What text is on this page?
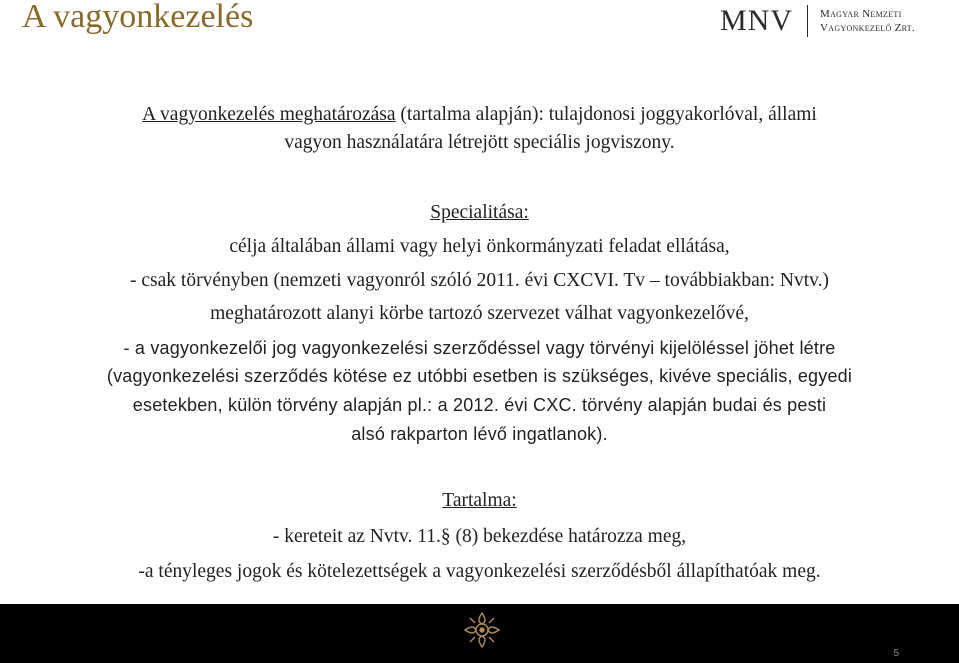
A vagyonkezelés	MNV Magyar Nemzeti
Vagyonkezelő Zrt.
A vagyonkezelés meghatározása (tartalma alapján): tulajdonosi joggyakorlóval, állami
vagyon használatára létrejött speciális jogviszony.
Specialitása:
célja általában állami vagy helyi önkormányzati feladat ellátása,
- csak törvényben (nemzeti vagyonról szóló 2011. évi CXCVI. Tv – továbbiakban: Nvtv.)
meghatározott alanyi körbe tartozó szervezet válhat vagyonkezelővé,
- a vagyonkezelői jog vagyonkezelési szerződéssel vagy törvényi kijelöléssel jöhet létre
(vagyonkezelési szerződés kötése ez utóbbi esetben is szükséges, kivéve speciális, egyedi
esetekben, külön törvény alapján pl.: a 2012. évi CXC. törvény alapján budai és pesti
alsó rakparton lévő ingatlanok).
Tartalma:
- kereteit az Nvtv. 11.§ (8) bekezdése határozza meg,
-a tényleges jogok és kötelezettségek a vagyonkezelési szerződésből állapíthatóak meg.
5
